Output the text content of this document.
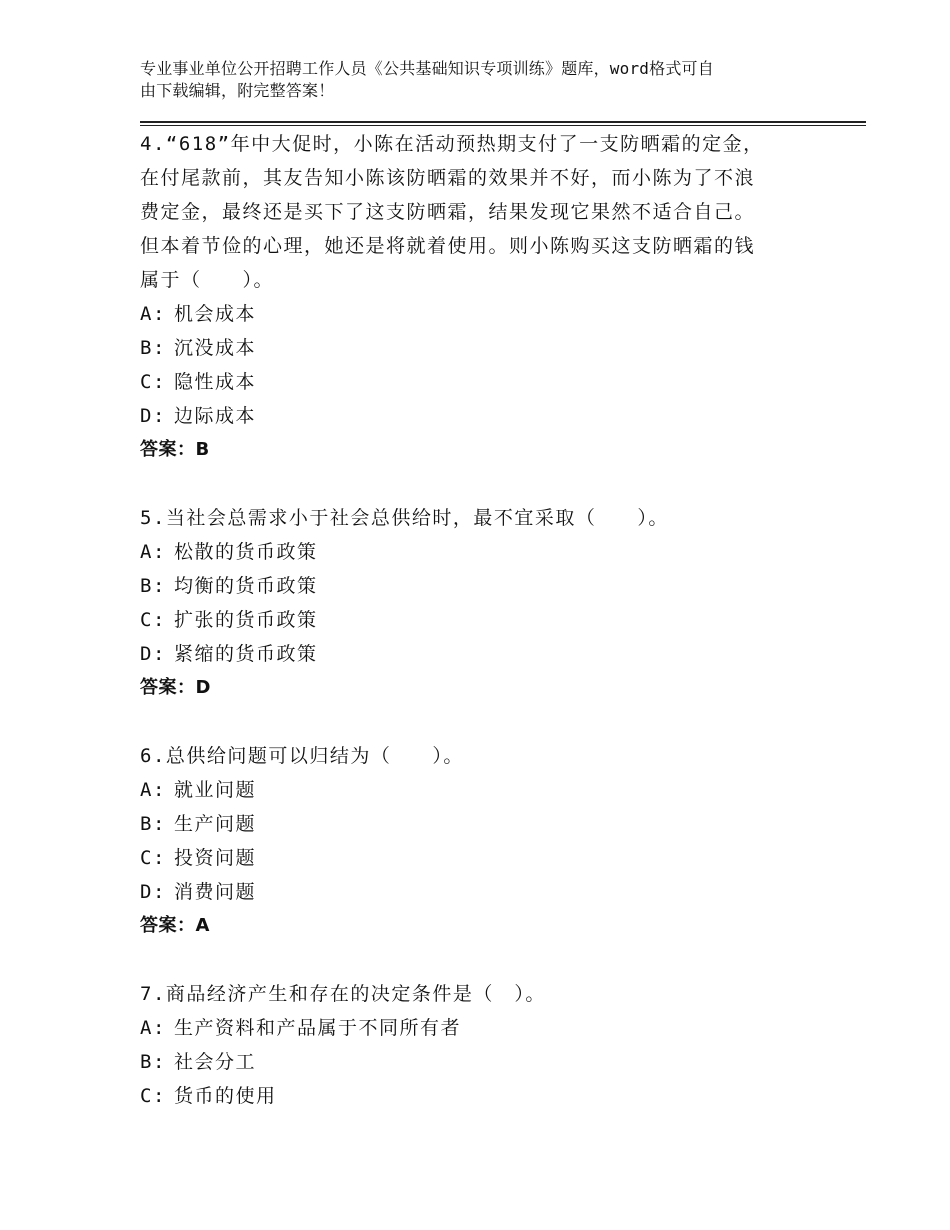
专业事业单位公开招聘工作人员《公共基础知识专项训练》题库，word格式可自
由下载编辑，附完整答案！
4.“618”年中大促时，小陈在活动预热期支付了一支防晒霜的定金，
在付尾款前，其友告知小陈该防晒霜的效果并不好，而小陈为了不浪
费定金，最终还是买下了这支防晒霜，结果发现它果然不适合自己。
但本着节俭的心理，她还是将就着使用。则小陈购买这支防晒霜的钱
属于（　　）。
A: 机会成本
B: 沉没成本
C: 隐性成本
D: 边际成本
答案：B
5.当社会总需求小于社会总供给时，最不宜采取（　　）。
A: 松散的货币政策
B: 均衡的货币政策
C: 扩张的货币政策
D: 紧缩的货币政策
答案：D
6.总供给问题可以归结为（　　）。
A: 就业问题
B: 生产问题
C: 投资问题
D: 消费问题
答案：A
7.商品经济产生和存在的决定条件是（　）。
A: 生产资料和产品属于不同所有者
B: 社会分工
C: 货币的使用
